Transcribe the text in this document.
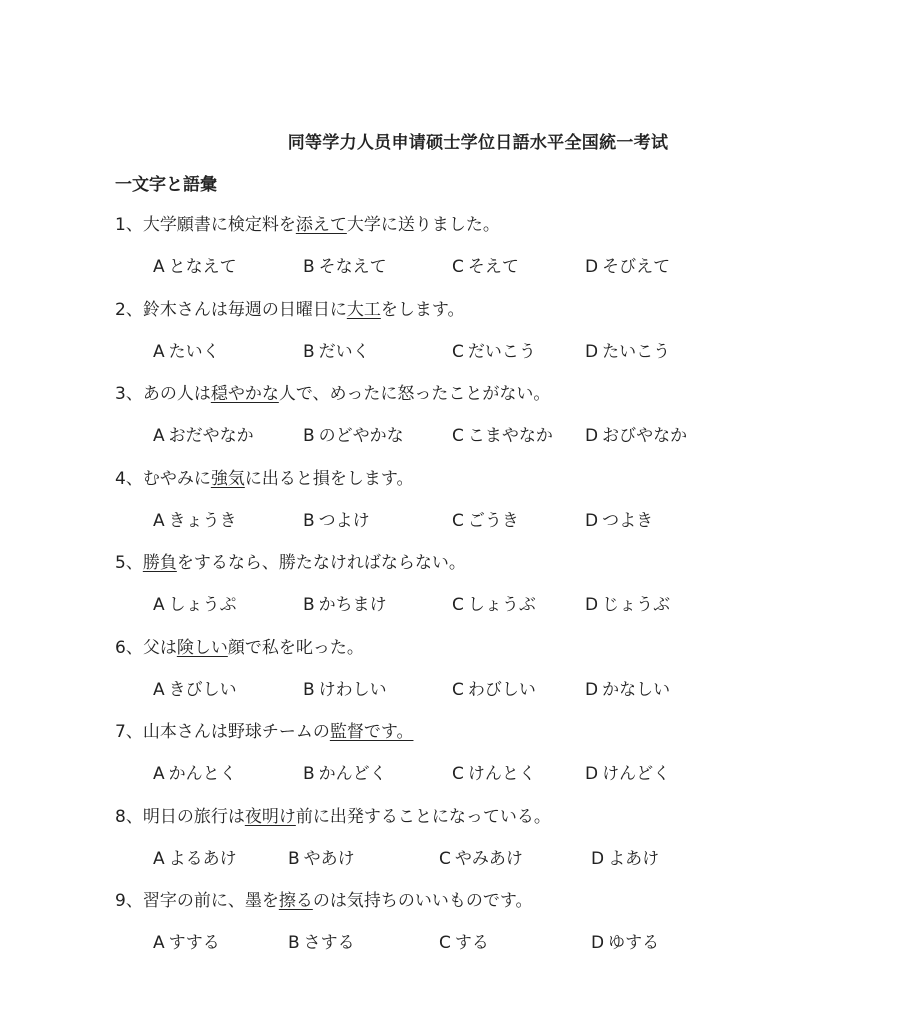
同等学力人员申请硕士学位日語水平全国統一考试
一文字と語彙
1、大学願書に検定料を添えて大学に送りました。
A となえて	B そなえて	C そえて	D そびえて
2、鈴木さんは毎週の日曜日に大工をします。
A たいく	B だいく	C だいこう	D たいこう
3、あの人は穏やかな人で、めったに怒ったことがない。
A おだやなか	B のどやかな	C こまやなか D おびやなか
4、むやみに強気に出ると損をします。
A きょうき	B つよけ	C ごうき	D つよき
5、勝負をするなら、勝たなければならない。
A しょうぷ	B かちまけ	C しょうぶ	D じょうぶ
6、父は険しい顔で私を叱った。
A きびしい	B けわしい	C わびしい	D かなしい
7、山本さんは野球チームの監督です。
A かんとく	B かんどく	C けんとく	D けんどく
8、明日の旅行は夜明け前に出発することになっている。
A よるあけ	B やあけ	C やみあけ	D よあけ
9、習字の前に、墨を擦るのは気持ちのいいものです。
A すする	B さする	C する	D ゆする
